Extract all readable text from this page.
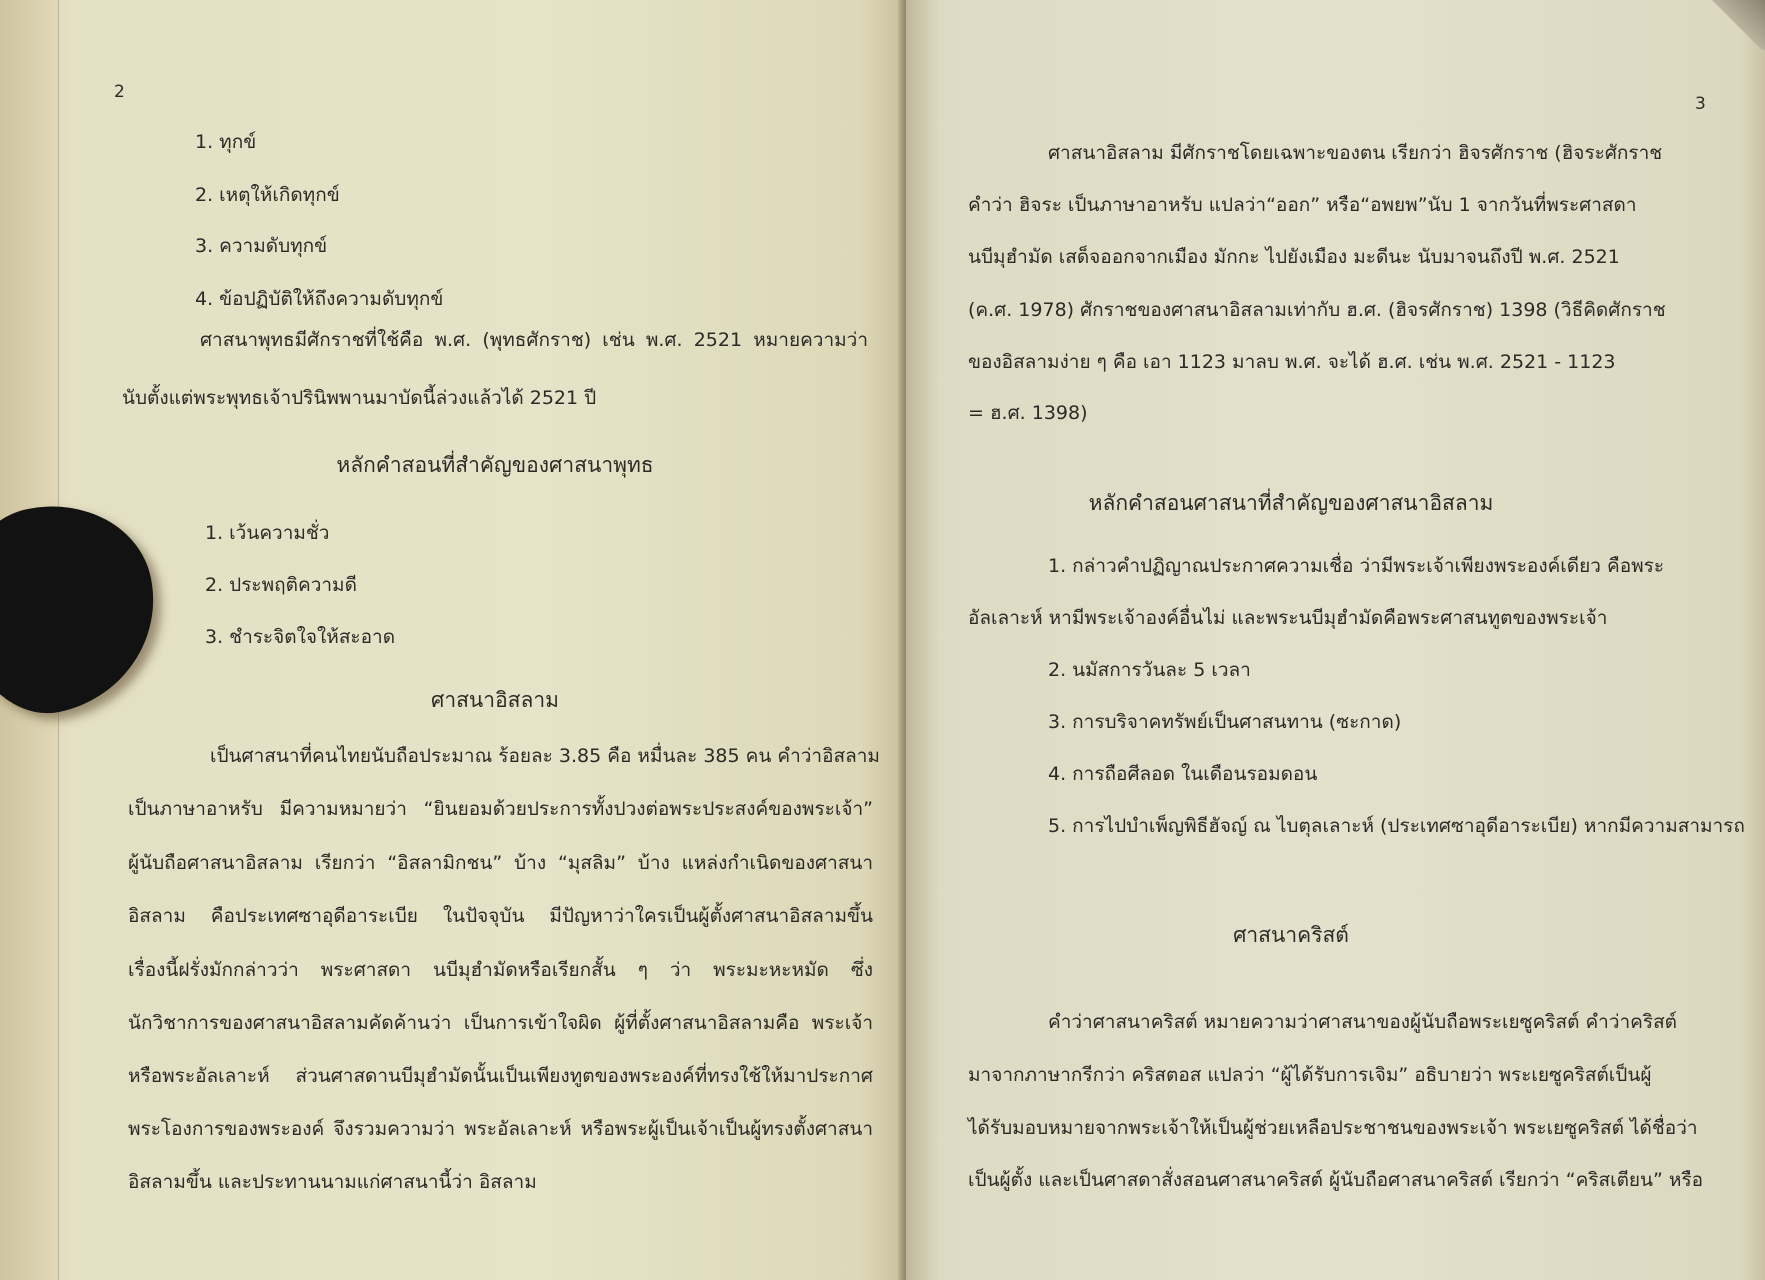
2
1. ทุกข์
2. เหตุให้เกิดทุกข์
3. ความดับทุกข์
4. ข้อปฏิบัติให้ถึงความดับทุกข์
ศาสนาพุทธมีศักราชที่ใช้คือ พ.ศ. (พุทธศักราช) เช่น พ.ศ. 2521 หมายความว่า
นับตั้งแต่พระพุทธเจ้าปรินิพพานมาบัดนี้ล่วงแล้วได้ 2521 ปี
หลักคำสอนที่สำคัญของศาสนาพุทธ
1. เว้นความชั่ว
2. ประพฤติความดี
3. ชำระจิตใจให้สะอาด
ศาสนาอิสลาม
เป็นศาสนาที่คนไทยนับถือประมาณ ร้อยละ 3.85 คือ หมื่นละ 385 คน คำว่าอิสลาม
เป็นภาษาอาหรับ มีความหมายว่า “ยินยอมด้วยประการทั้งปวงต่อพระประสงค์ของพระเจ้า”
ผู้นับถือศาสนาอิสลาม เรียกว่า “อิสลามิกชน” บ้าง “มุสลิม” บ้าง แหล่งกำเนิดของศาสนา
อิสลาม คือประเทศซาอุดีอาระเบีย ในปัจจุบัน มีปัญหาว่าใครเป็นผู้ตั้งศาสนาอิสลามขึ้น
เรื่องนี้ฝรั่งมักกล่าวว่า พระศาสดา นบีมุฮำมัดหรือเรียกสั้น ๆ ว่า พระมะหะหมัด ซึ่ง
นักวิชาการของศาสนาอิสลามคัดค้านว่า เป็นการเข้าใจผิด ผู้ที่ตั้งศาสนาอิสลามคือ พระเจ้า
หรือพระอัลเลาะห์ ส่วนศาสดานบีมุฮำมัดนั้นเป็นเพียงทูตของพระองค์ที่ทรงใช้ให้มาประกาศ
พระโองการของพระองค์ จึงรวมความว่า พระอัลเลาะห์ หรือพระผู้เป็นเจ้าเป็นผู้ทรงตั้งศาสนา
อิสลามขึ้น และประทานนามแก่ศาสนานี้ว่า อิสลาม
3
ศาสนาอิสลาม มีศักราชโดยเฉพาะของตน เรียกว่า ฮิจรศักราช (ฮิจระศักราช
คำว่า ฮิจระ เป็นภาษาอาหรับ แปลว่า“ออก” หรือ“อพยพ”นับ 1 จากวันที่พระศาสดา
นบีมุฮำมัด เสด็จออกจากเมือง มักกะ ไปยังเมือง มะดีนะ นับมาจนถึงปี พ.ศ. 2521
(ค.ศ. 1978) ศักราชของศาสนาอิสลามเท่ากับ ฮ.ศ. (ฮิจรศักราช) 1398 (วิธีคิดศักราช
ของอิสลามง่าย ๆ คือ เอา 1123 มาลบ พ.ศ. จะได้ ฮ.ศ. เช่น พ.ศ. 2521 - 1123
= ฮ.ศ. 1398)
หลักคำสอนศาสนาที่สำคัญของศาสนาอิสลาม
1. กล่าวคำปฏิญาณประกาศความเชื่อ ว่ามีพระเจ้าเพียงพระองค์เดียว คือพระ
อัลเลาะห์ หามีพระเจ้าองค์อื่นไม่ และพระนบีมุฮำมัดคือพระศาสนทูตของพระเจ้า
2. นมัสการวันละ 5 เวลา
3. การบริจาคทรัพย์เป็นศาสนทาน (ซะกาด)
4. การถือศีลอด ในเดือนรอมดอน
5. การไปบำเพ็ญพิธีฮัจญ์ ณ ไบตุลเลาะห์ (ประเทศซาอุดีอาระเบีย) หากมีความสามารถ
ศาสนาคริสต์
คำว่าศาสนาคริสต์ หมายความว่าศาสนาของผู้นับถือพระเยซูคริสต์ คำว่าคริสต์
มาจากภาษากรีกว่า คริสตอส แปลว่า “ผู้ได้รับการเจิม” อธิบายว่า พระเยซูคริสต์เป็นผู้
ได้รับมอบหมายจากพระเจ้าให้เป็นผู้ช่วยเหลือประชาชนของพระเจ้า พระเยซูคริสต์ ได้ชื่อว่า
เป็นผู้ตั้ง และเป็นศาสดาสั่งสอนศาสนาคริสต์ ผู้นับถือศาสนาคริสต์ เรียกว่า “คริสเตียน” หรือ
